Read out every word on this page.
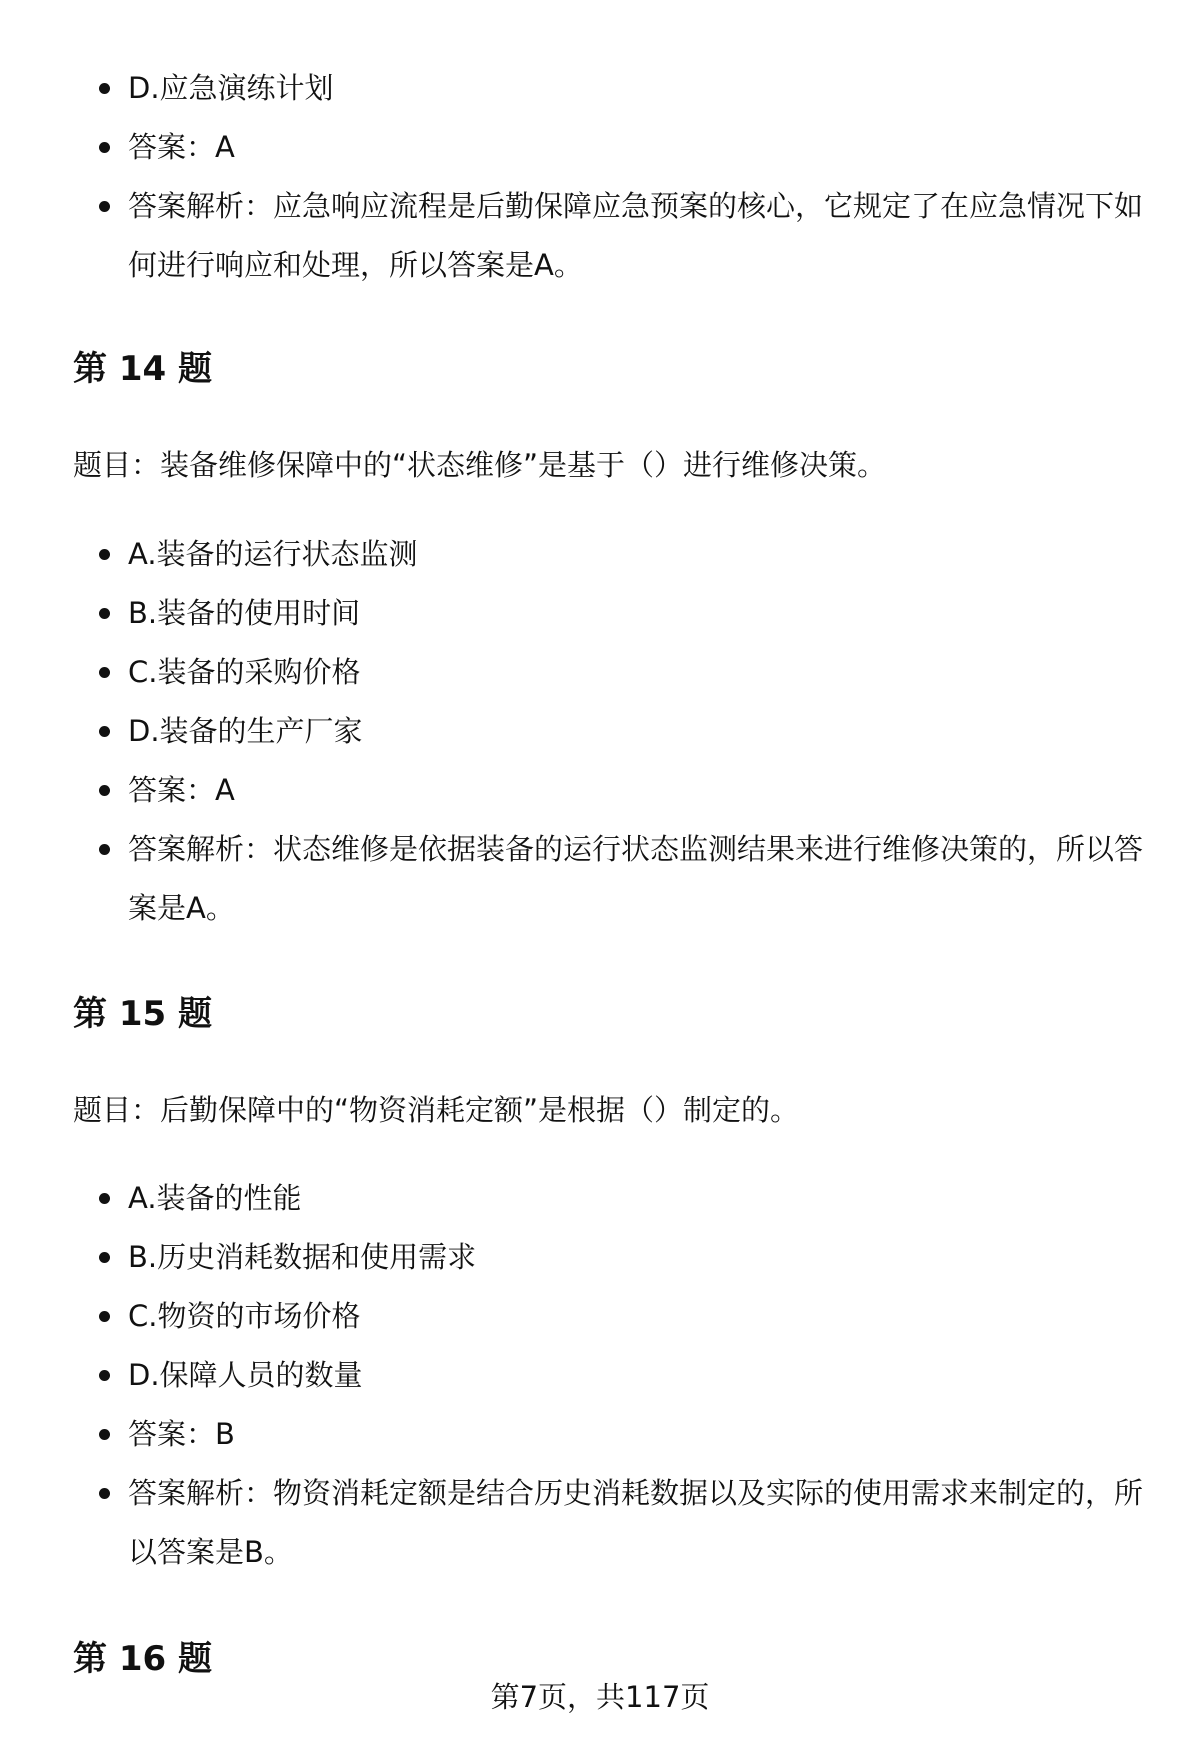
D.应急演练计划
答案：A
答案解析：应急响应流程是后勤保障应急预案的核心，它规定了在应急情况下如何进行响应和处理，所以答案是A。
第 14 题

题目：装备维修保障中的“状态维修”是基于（）进行维修决策。

A.装备的运行状态监测
B.装备的使用时间
C.装备的采购价格
D.装备的生产厂家
答案：A
答案解析：状态维修是依据装备的运行状态监测结果来进行维修决策的，所以答案是A。
第 15 题

题目：后勤保障中的“物资消耗定额”是根据（）制定的。

A.装备的性能
B.历史消耗数据和使用需求
C.物资的市场价格
D.保障人员的数量
答案：B
答案解析：物资消耗定额是结合历史消耗数据以及实际的使用需求来制定的，所以答案是B。
第 16 题
第7页，共117页
